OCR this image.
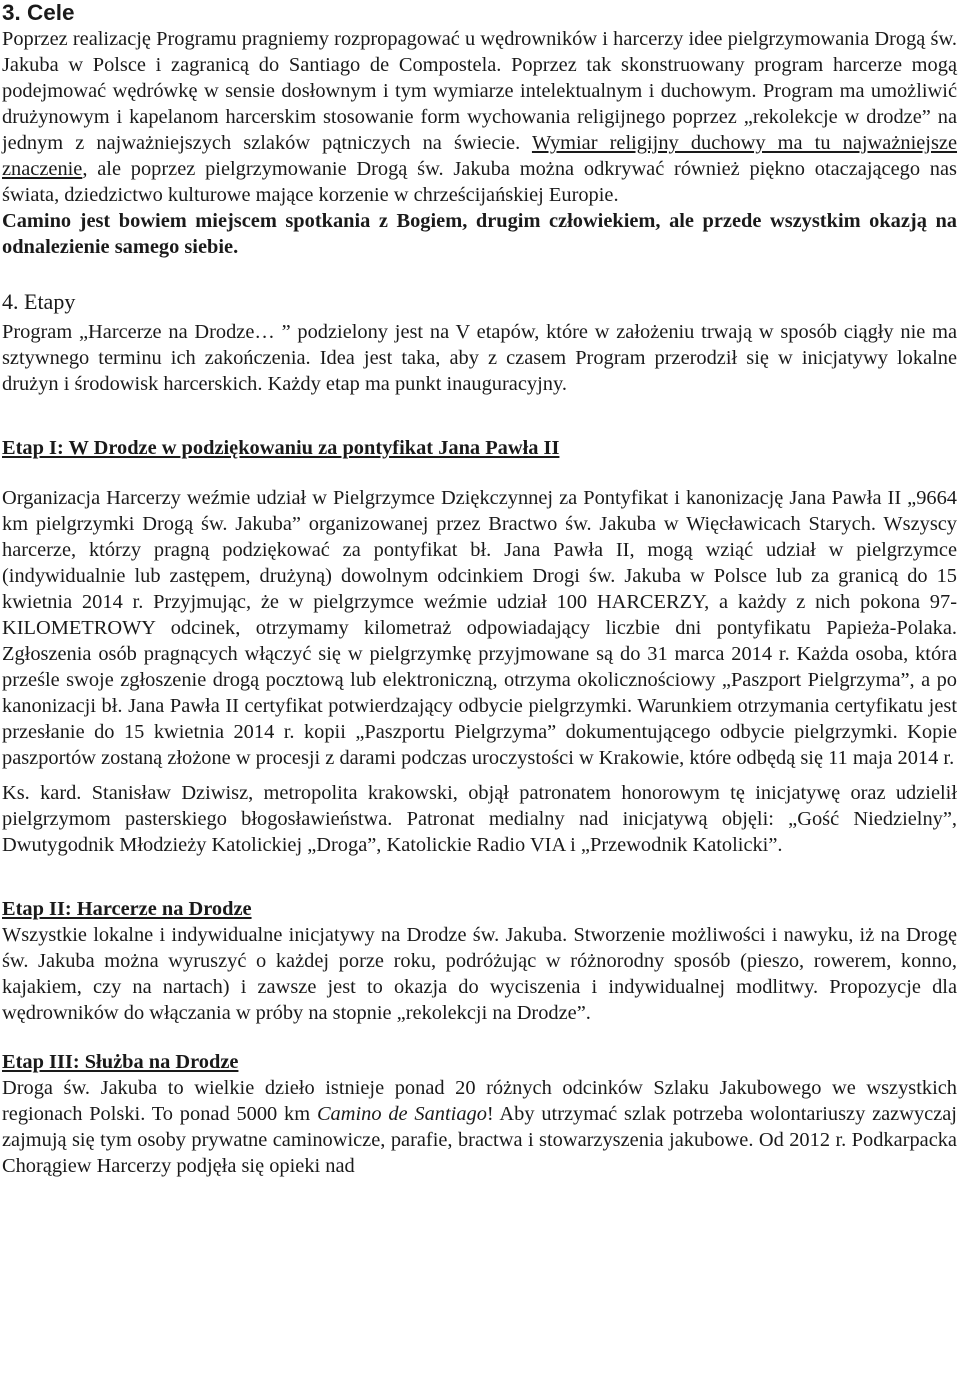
3. Cele

Poprzez realizację Programu pragniemy rozpropagować u wędrowników i harcerzy idee pielgrzymowania Drogą św. Jakuba w Polsce i zagranicą do Santiago de Compostela. Poprzez tak skonstruowany program harcerze mogą podejmować wędrówkę w sensie dosłownym i tym wymiarze intelektualnym i duchowym. Program ma umożliwić drużynowym i kapelanom harcerskim stosowanie form wychowania religijnego poprzez „rekolekcje w drodze” na jednym z najważniejszych szlaków pątniczych na świecie. Wymiar religijny duchowy ma tu najważniejsze znaczenie, ale poprzez pielgrzymowanie Drogą św. Jakuba można odkrywać również piękno otaczającego nas świata, dziedzictwo kulturowe mające korzenie w chrześcijańskiej Europie.

Camino jest bowiem miejscem spotkania z Bogiem, drugim człowiekiem, ale przede wszystkim okazją na odnalezienie samego siebie.

4. Etapy

Program „Harcerze na Drodze… ” podzielony jest na V etapów, które w założeniu trwają w sposób ciągły nie ma sztywnego terminu ich zakończenia. Idea jest taka, aby z czasem Program przerodził się w inicjatywy lokalne drużyn i środowisk harcerskich. Każdy etap ma punkt inauguracyjny.

Etap I: W Drodze w podziękowaniu za pontyfikat Jana Pawła II

Organizacja Harcerzy weźmie udział w Pielgrzymce Dziękczynnej za Pontyfikat i kanonizację Jana Pawła II „9664 km pielgrzymki Drogą św. Jakuba” organizowanej przez Bractwo św. Jakuba w Więcławicach Starych. Wszyscy harcerze, którzy pragną podziękować za pontyfikat bł. Jana Pawła II, mogą wziąć udział w pielgrzymce (indywidualnie lub zastępem, drużyną) dowolnym odcinkiem Drogi św. Jakuba w Polsce lub za granicą do 15 kwietnia 2014 r. Przyjmując, że w pielgrzymce weźmie udział 100 HARCERZY, a każdy z nich pokona 97-KILOMETROWY odcinek, otrzymamy kilometraż odpowiadający liczbie dni pontyfikatu Papieża-Polaka. Zgłoszenia osób pragnących włączyć się w pielgrzymkę przyjmowane są do 31 marca 2014 r. Każda osoba, która prześle swoje zgłoszenie drogą pocztową lub elektroniczną, otrzyma okolicznościowy „Paszport Pielgrzyma”, a po kanonizacji bł. Jana Pawła II certyfikat potwierdzający odbycie pielgrzymki. Warunkiem otrzymania certyfikatu jest przesłanie do 15 kwietnia 2014 r. kopii „Paszportu Pielgrzyma” dokumentującego odbycie pielgrzymki. Kopie paszportów zostaną złożone w procesji z darami podczas uroczystości w Krakowie, które odbędą się 11 maja 2014 r.

Ks. kard. Stanisław Dziwisz, metropolita krakowski, objął patronatem honorowym tę inicjatywę oraz udzielił pielgrzymom pasterskiego błogosławieństwa. Patronat medialny nad inicjatywą objęli: „Gość Niedzielny”, Dwutygodnik Młodzieży Katolickiej „Droga”, Katolickie Radio VIA i „Przewodnik Katolicki”.

Etap II: Harcerze na Drodze

Wszystkie lokalne i indywidualne inicjatywy na Drodze św. Jakuba. Stworzenie możliwości i nawyku, iż na Drogę św. Jakuba można wyruszyć o każdej porze roku, podróżując w różnorodny sposób (pieszo, rowerem, konno, kajakiem, czy na nartach) i zawsze jest to okazja do wyciszenia i indywidualnej modlitwy. Propozycje dla wędrowników do włączania w próby na stopnie „rekolekcji na Drodze”.

Etap III: Służba na Drodze

Droga św. Jakuba to wielkie dzieło istnieje ponad 20 różnych odcinków Szlaku Jakubowego we wszystkich regionach Polski. To ponad 5000 km Camino de Santiago! Aby utrzymać szlak potrzeba wolontariuszy zazwyczaj zajmują się tym osoby prywatne caminowicze, parafie, bractwa i stowarzyszenia jakubowe. Od 2012 r. Podkarpacka Chorągiew Harcerzy podjęła się opieki nad
